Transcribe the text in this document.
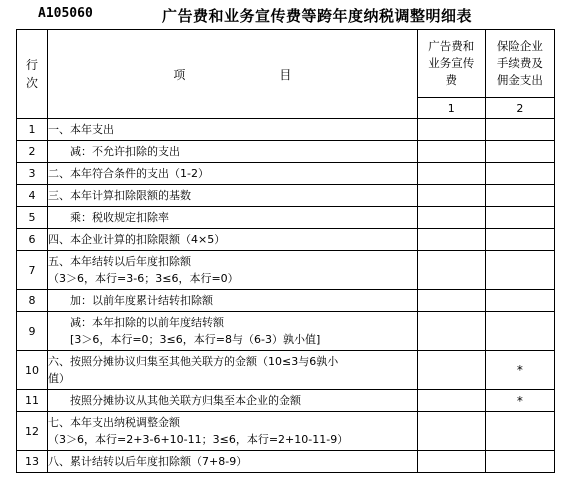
A105060	广告费和业务宣传费等跨年度纳税调整明细表
行
次	项 目	广告费和
业务宣传
费	保险企业
手续费及
佣金支出
		1	2
1	一、本年支出		
2	减：不允许扣除的支出		
3	二、本年符合条件的支出（1-2）		
4	三、本年计算扣除限额的基数		
5	乘：税收规定扣除率		
6	四、本企业计算的扣除限额（4×5）		
7	五、本年结转以后年度扣除额
（3＞6，本行=3-6；3≤6，本行=0）		

8	加：以前年度累计结转扣除额		
9	减：本年扣除的以前年度结转额
[3＞6，本行=0；3≤6，本行=8与（6-3）孰小值]		

10	六、按照分摊协议归集至其他关联方的金额（10≤3与6孰小
值）		*
11	按照分摊协议从其他关联方归集至本企业的金额		*
12	七、本年支出纳税调整金额
（3＞6，本行=2+3-6+10-11；3≤6，本行=2+10-11-9）		

13	八、累计结转以后年度扣除额（7+8-9）		
